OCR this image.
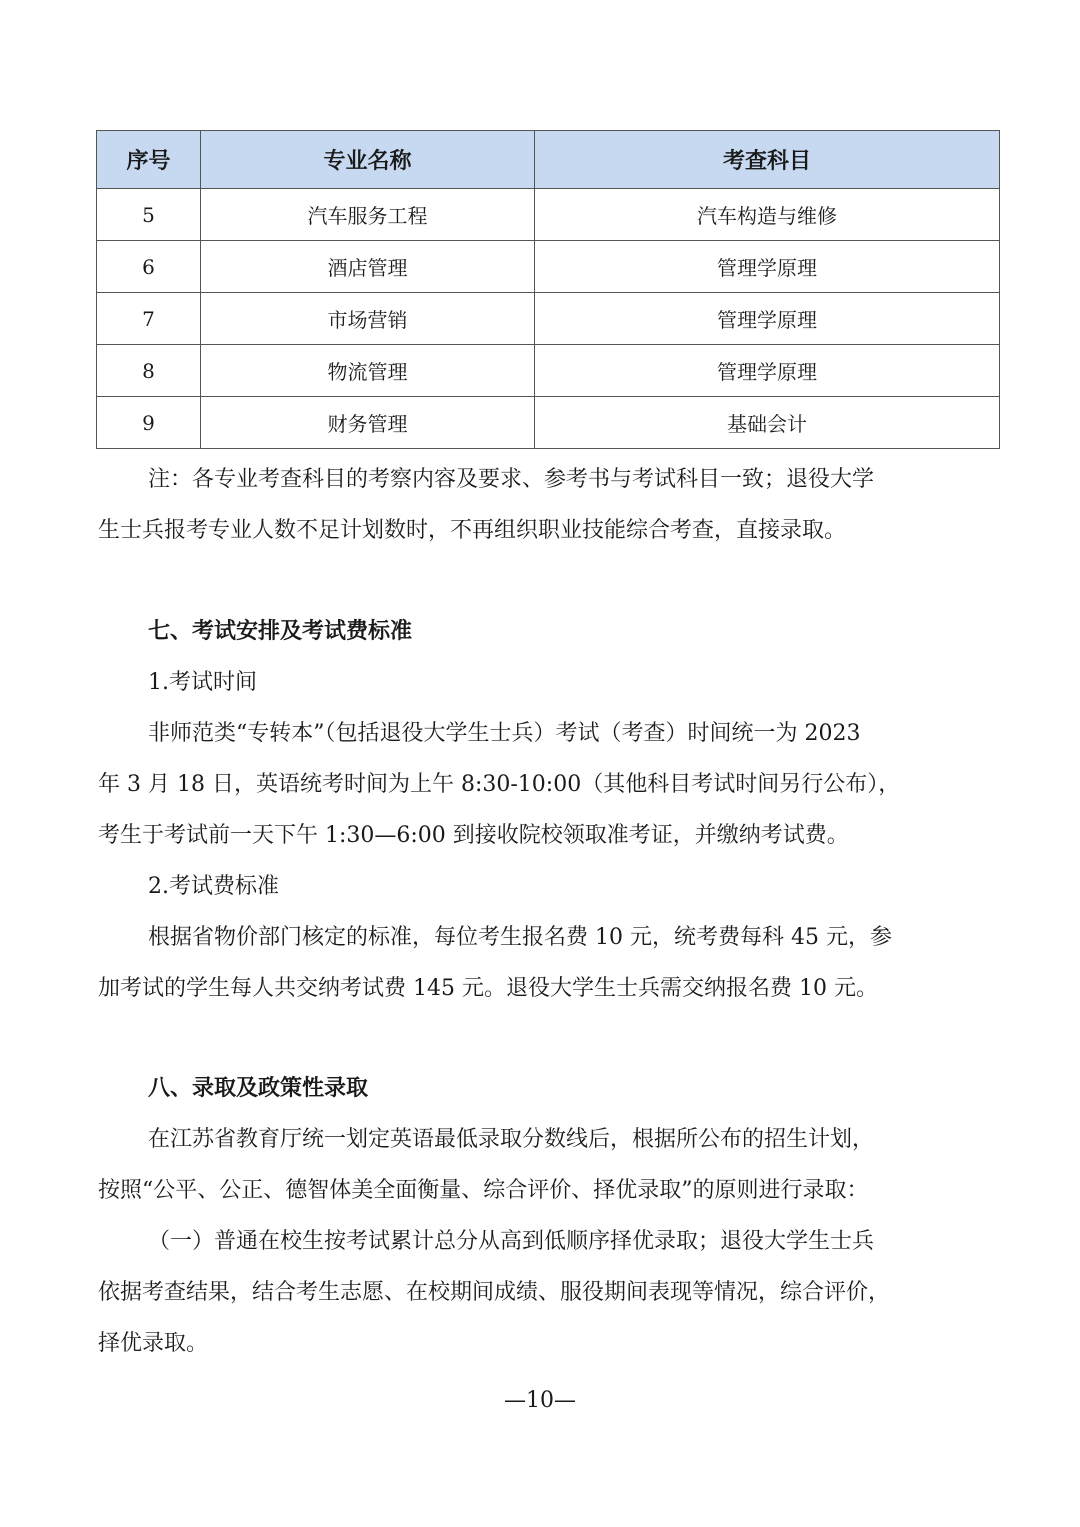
序号	专业名称	考查科目
5	汽车服务工程	汽车构造与维修
6	酒店管理	管理学原理
7	市场营销	管理学原理
8	物流管理	管理学原理
9	财务管理	基础会计
注：各专业考查科目的考察内容及要求、参考书与考试科目一致；退役大学
生士兵报考专业人数不足计划数时，不再组织职业技能综合考查，直接录取。
七、考试安排及考试费标准
1.考试时间
非师范类“专转本”（包括退役大学生士兵）考试（考查）时间统一为 2023
年 3 月 18 日，英语统考时间为上午 8:30-10:00（其他科目考试时间另行公布），
考生于考试前一天下午 1:30—6:00 到接收院校领取准考证，并缴纳考试费。
2.考试费标准
根据省物价部门核定的标准，每位考生报名费 10 元，统考费每科 45 元，参
加考试的学生每人共交纳考试费 145 元。退役大学生士兵需交纳报名费 10 元。
八、录取及政策性录取
在江苏省教育厅统一划定英语最低录取分数线后，根据所公布的招生计划，
按照“公平、公正、德智体美全面衡量、综合评价、择优录取”的原则进行录取：
（一）普通在校生按考试累计总分从高到低顺序择优录取；退役大学生士兵
依据考查结果，结合考生志愿、在校期间成绩、服役期间表现等情况，综合评价，
择优录取。
—10—
